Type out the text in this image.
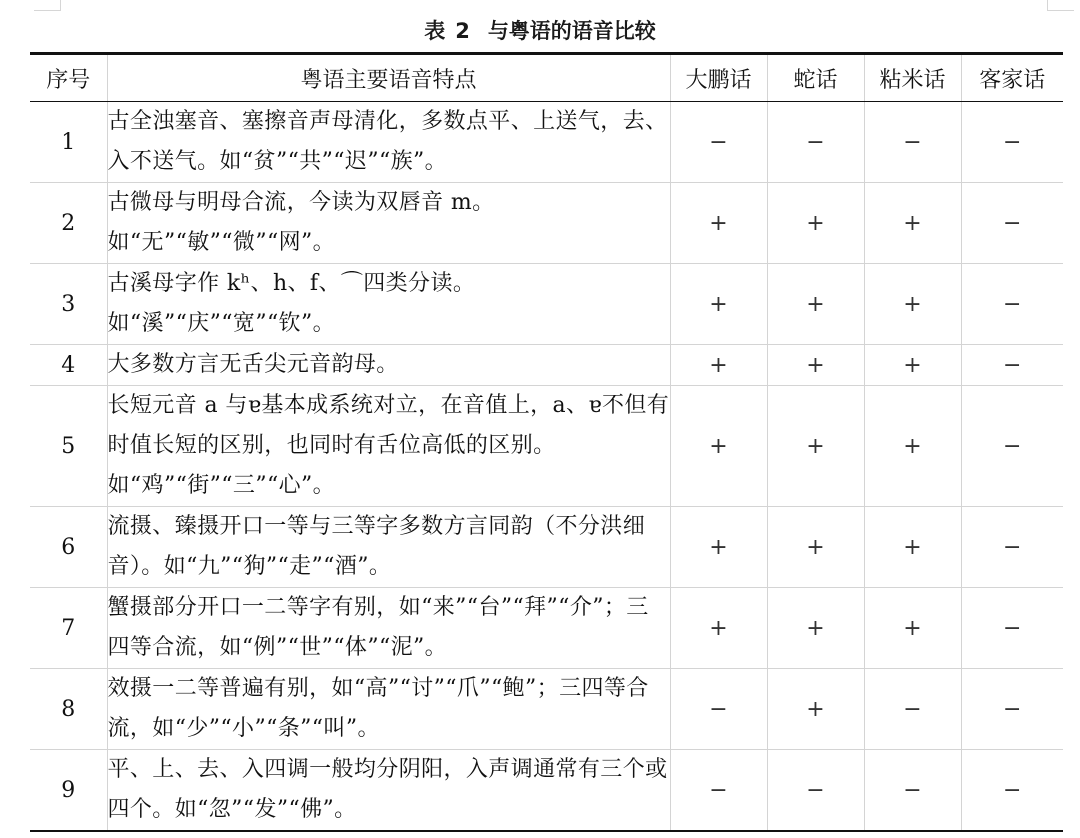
表 2 与粤语的语音比较
序号	粤语主要语音特点	大鹏话	蛇话	粘米话	客家话
1	古全浊塞音、塞擦音声母清化，多数点平、上送气，去、入不送气。如“贫”“共”“迟”“族”。	−	−	−	−
2	古微母与明母合流，今读为双唇音 m。如“无”“敏”“微”“网”。	+	+	+	−
3	古溪母字作 kʰ、h、f、⌒四类分读。如“溪”“庆”“宽”“钦”。	+	+	+	−
4	大多数方言无舌尖元音韵母。	+	+	+	−
5	长短元音 a 与ɐ基本成系统对立，在音值上，a、ɐ不但有时值长短的区别，也同时有舌位高低的区别。如“鸡”“街”“三”“心”。	+	+	+	−
6	流摄、臻摄开口一等与三等字多数方言同韵（不分洪细音）。如“九”“狗”“走”“酒”。	+	+	+	−
7	蟹摄部分开口一二等字有别，如“来”“台”“拜”“介”；三四等合流，如“例”“世”“体”“泥”。	+	+	+	−
8	效摄一二等普遍有别，如“高”“讨”“爪”“鲍”；三四等合流，如“少”“小”“条”“叫”。	−	+	−	−
9	平、上、去、入四调一般均分阴阳，入声调通常有三个或四个。如“忽”“发”“佛”。	−	−	−	−
